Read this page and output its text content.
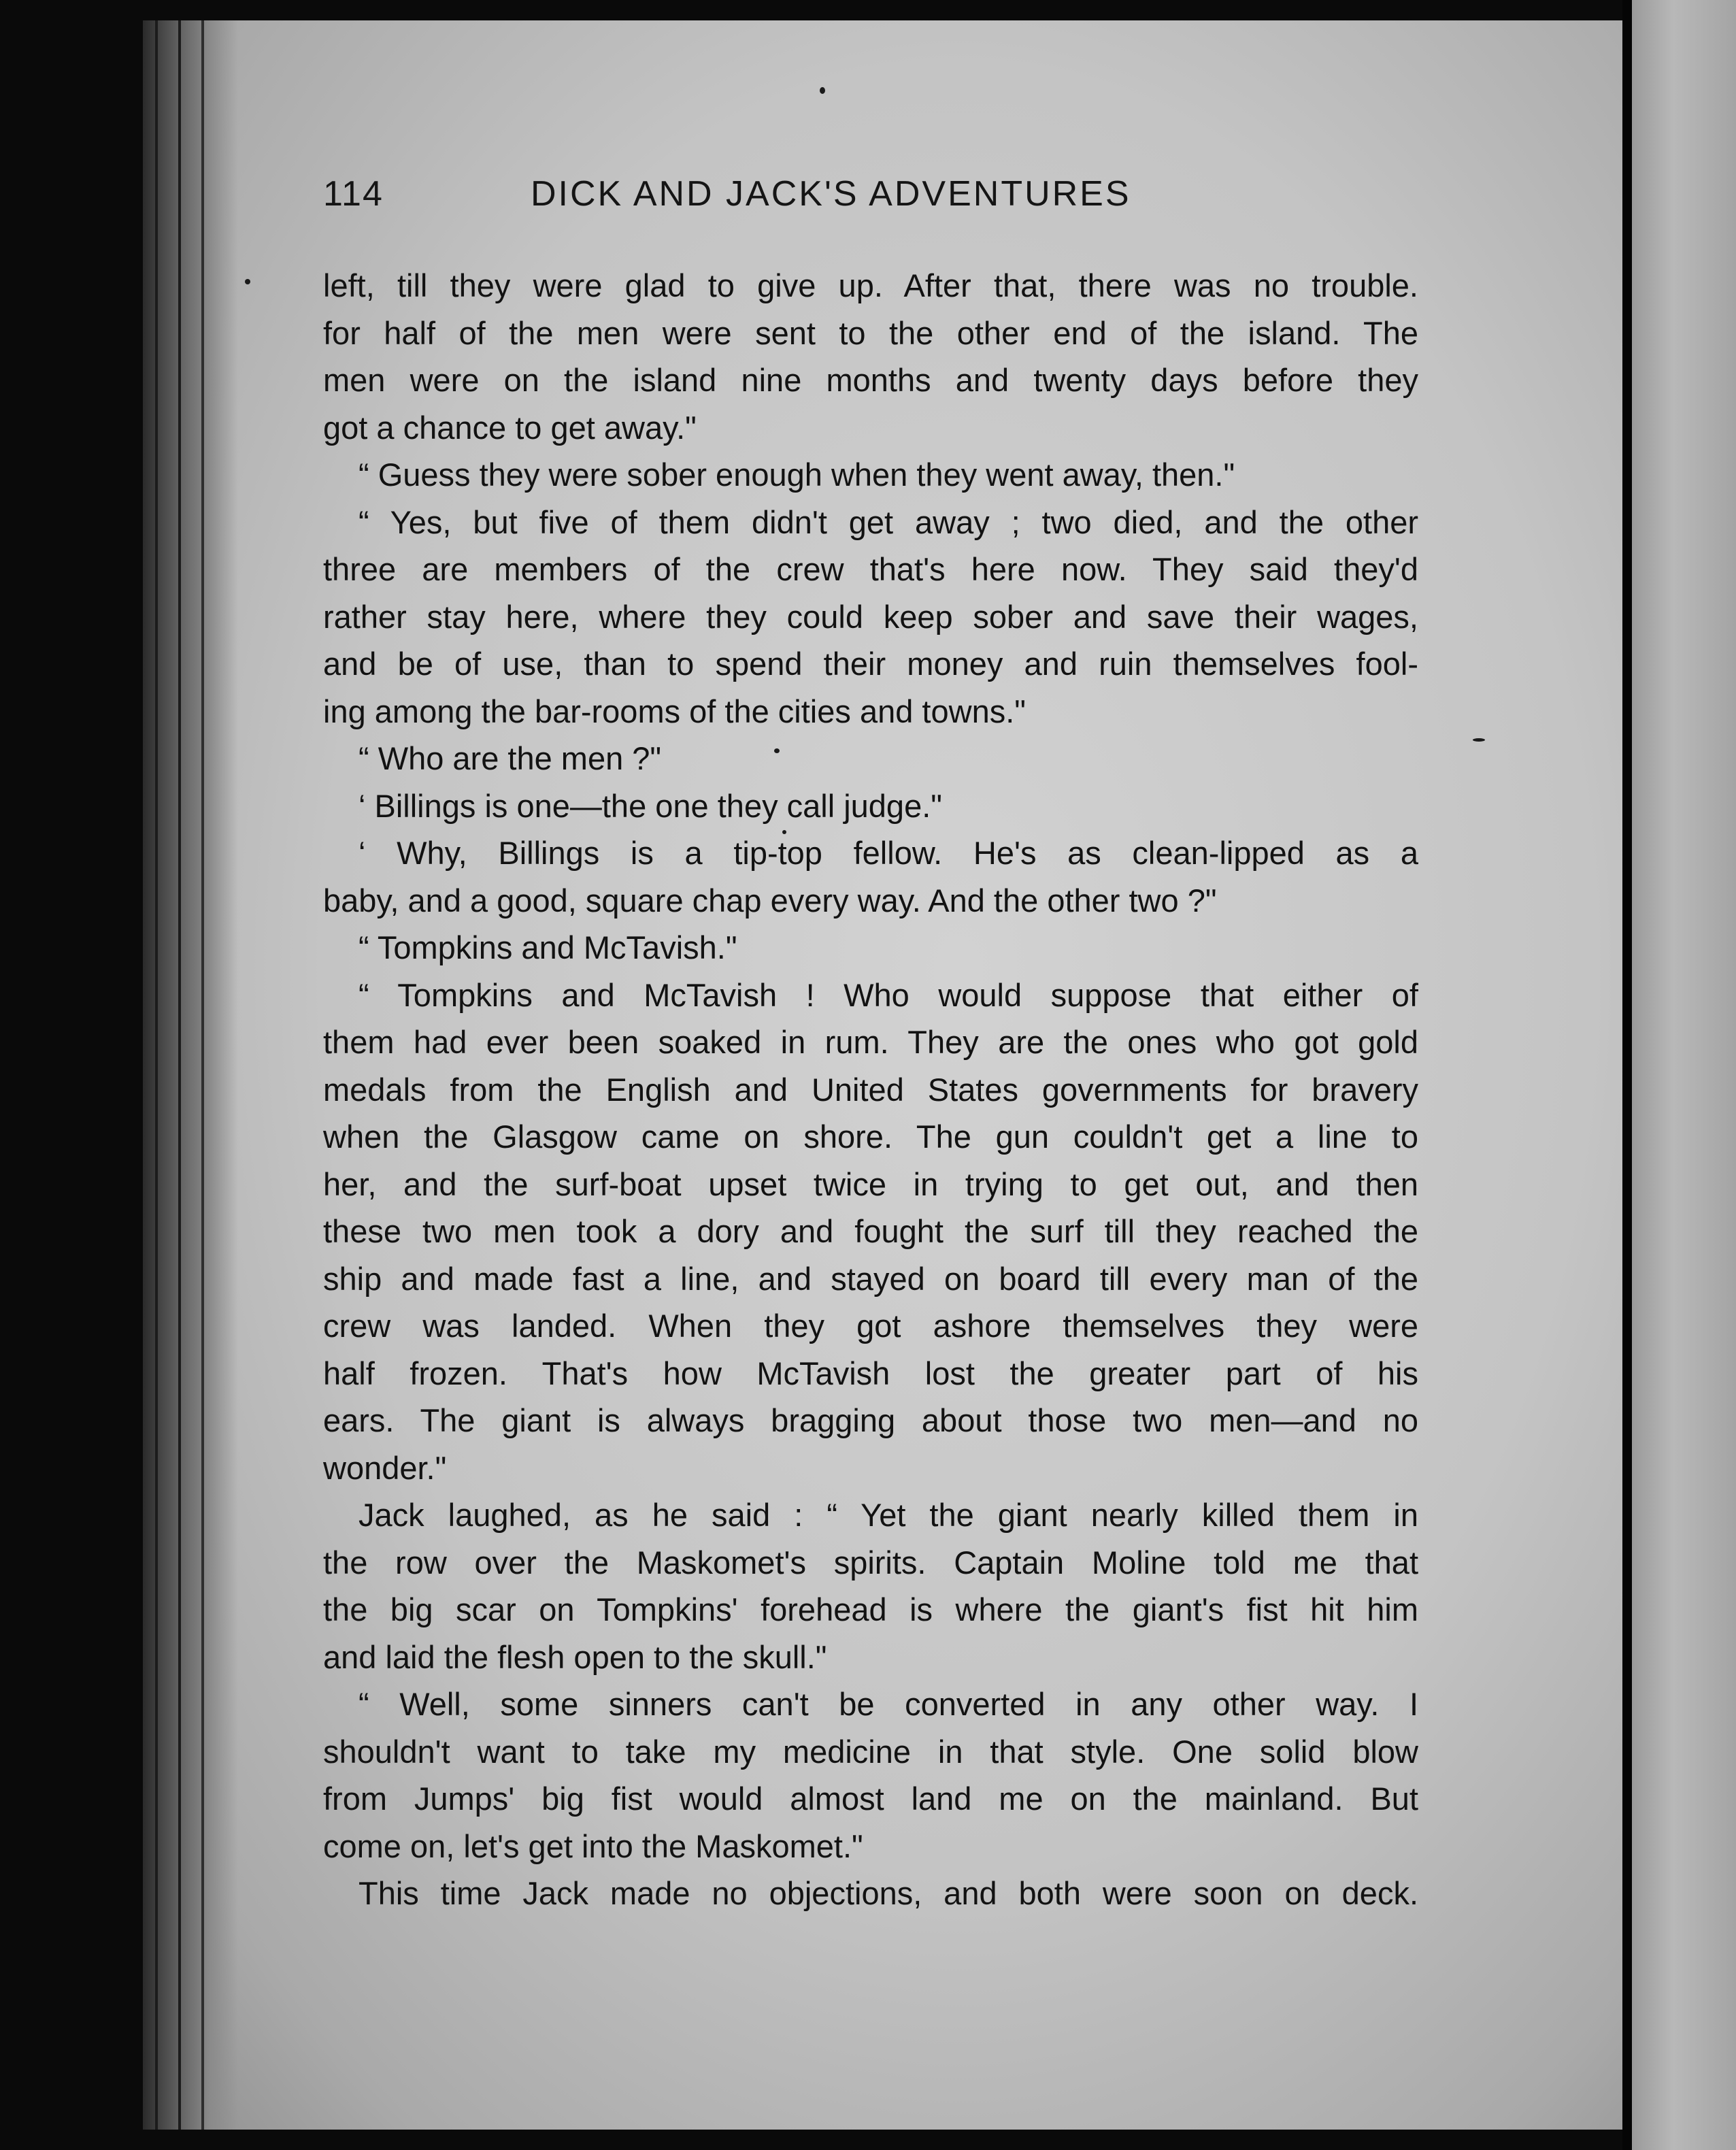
114	DICK AND JACK'S ADVENTURES
left, till they were glad to give up. After that, there was no trouble.
for half of the men were sent to the other end of the island. The
men were on the island nine months and twenty days before they
got a chance to get away."
“ Guess they were sober enough when they went away, then."
“ Yes, but five of them didn't get away ; two died, and the other
three are members of the crew that's here now. They said they'd
rather stay here, where they could keep sober and save their wages,
and be of use, than to spend their money and ruin themselves fool-
ing among the bar-rooms of the cities and towns."
“ Who are the men ?"
‘ Billings is one—the one they call judge."
‘ Why, Billings is a tip-top fellow. He's as clean-lipped as a
baby, and a good, square chap every way. And the other two ?"
“ Tompkins and McTavish."
“ Tompkins and McTavish ! Who would suppose that either of
them had ever been soaked in rum. They are the ones who got gold
medals from the English and United States governments for bravery
when the Glasgow came on shore. The gun couldn't get a line to
her, and the surf-boat upset twice in trying to get out, and then
these two men took a dory and fought the surf till they reached the
ship and made fast a line, and stayed on board till every man of the
crew was landed. When they got ashore themselves they were
half frozen. That's how McTavish lost the greater part of his
ears. The giant is always bragging about those two men—and no
wonder."
Jack laughed, as he said : “ Yet the giant nearly killed them in
the row over the Maskomet's spirits. Captain Moline told me that
the big scar on Tompkins' forehead is where the giant's fist hit him
and laid the flesh open to the skull."
“ Well, some sinners can't be converted in any other way. I
shouldn't want to take my medicine in that style. One solid blow
from Jumps' big fist would almost land me on the mainland. But
come on, let's get into the Maskomet."
This time Jack made no objections, and both were soon on deck.
